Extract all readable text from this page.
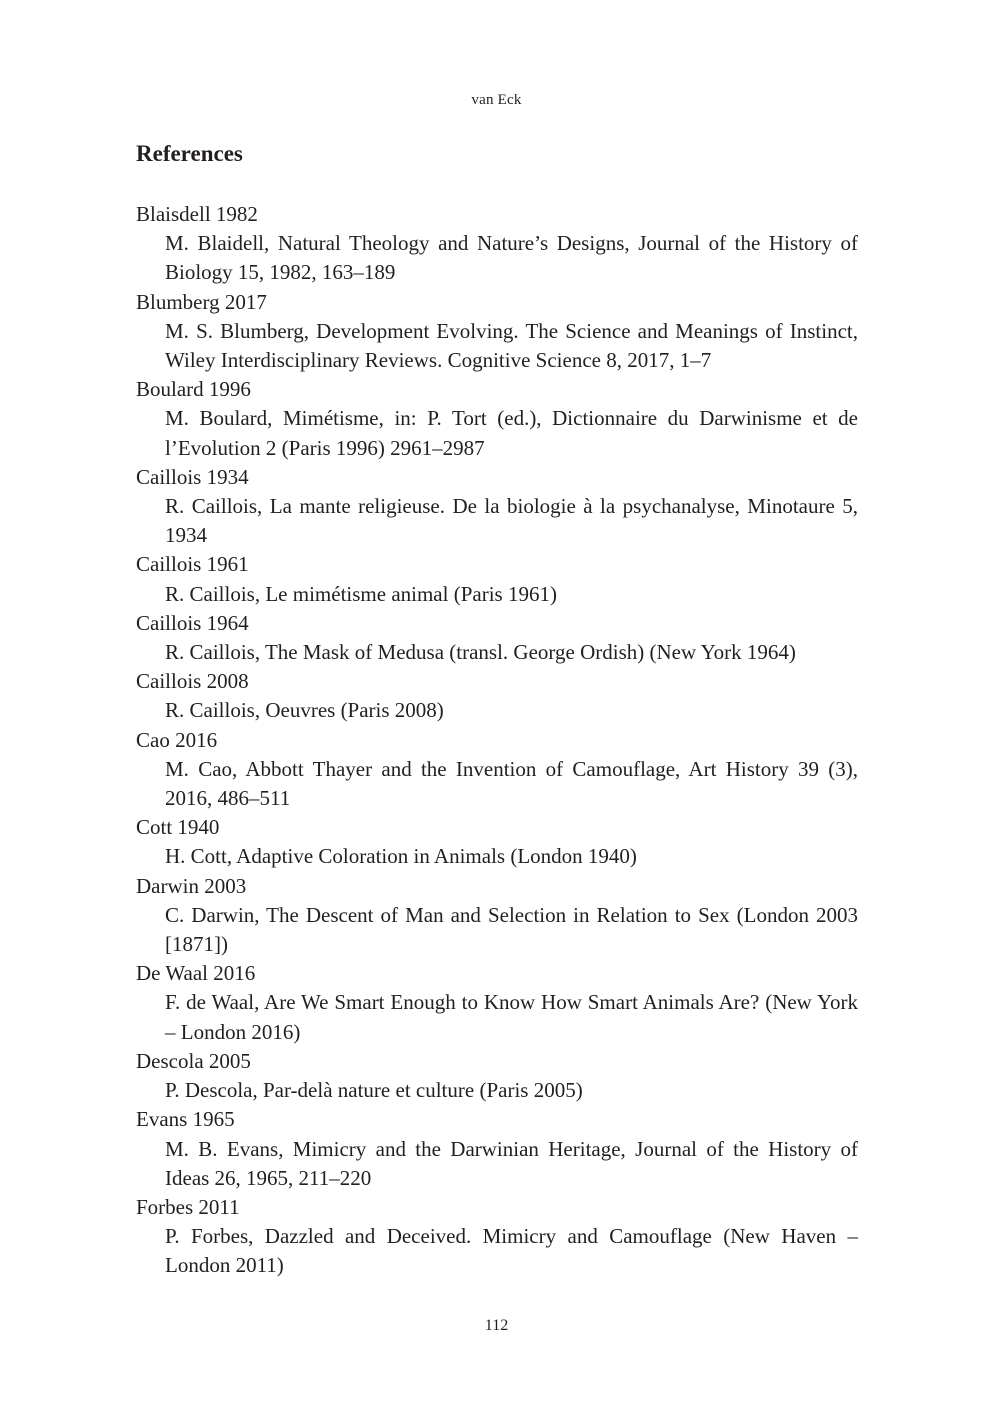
van Eck
References
Blaisdell 1982
M. Blaidell, Natural Theology and Nature’s Designs, Journal of the History of Biology 15, 1982, 163–189
Blumberg 2017
M. S. Blumberg, Development Evolving. The Science and Meanings of Instinct, Wiley Interdisciplinary Reviews. Cognitive Science 8, 2017, 1–7
Boulard 1996
M. Boulard, Mimétisme, in: P. Tort (ed.), Dictionnaire du Darwinisme et de l’Evolution 2 (Paris 1996) 2961–2987
Caillois 1934
R. Caillois, La mante religieuse. De la biologie à la psychanalyse, Minotaure 5, 1934
Caillois 1961
R. Caillois, Le mimétisme animal (Paris 1961)
Caillois 1964
R. Caillois, The Mask of Medusa (transl. George Ordish) (New York 1964)
Caillois 2008
R. Caillois, Oeuvres (Paris 2008)
Cao 2016
M. Cao, Abbott Thayer and the Invention of Camouflage, Art History 39 (3), 2016, 486–511
Cott 1940
H. Cott, Adaptive Coloration in Animals (London 1940)
Darwin 2003
C. Darwin, The Descent of Man and Selection in Relation to Sex (London 2003 [1871])
De Waal 2016
F. de Waal, Are We Smart Enough to Know How Smart Animals Are? (New York – London 2016)
Descola 2005
P. Descola, Par-delà nature et culture (Paris 2005)
Evans 1965
M. B. Evans, Mimicry and the Darwinian Heritage, Journal of the History of Ideas 26, 1965, 211–220
Forbes 2011
P. Forbes, Dazzled and Deceived. Mimicry and Camouflage (New Haven – London 2011)
112
